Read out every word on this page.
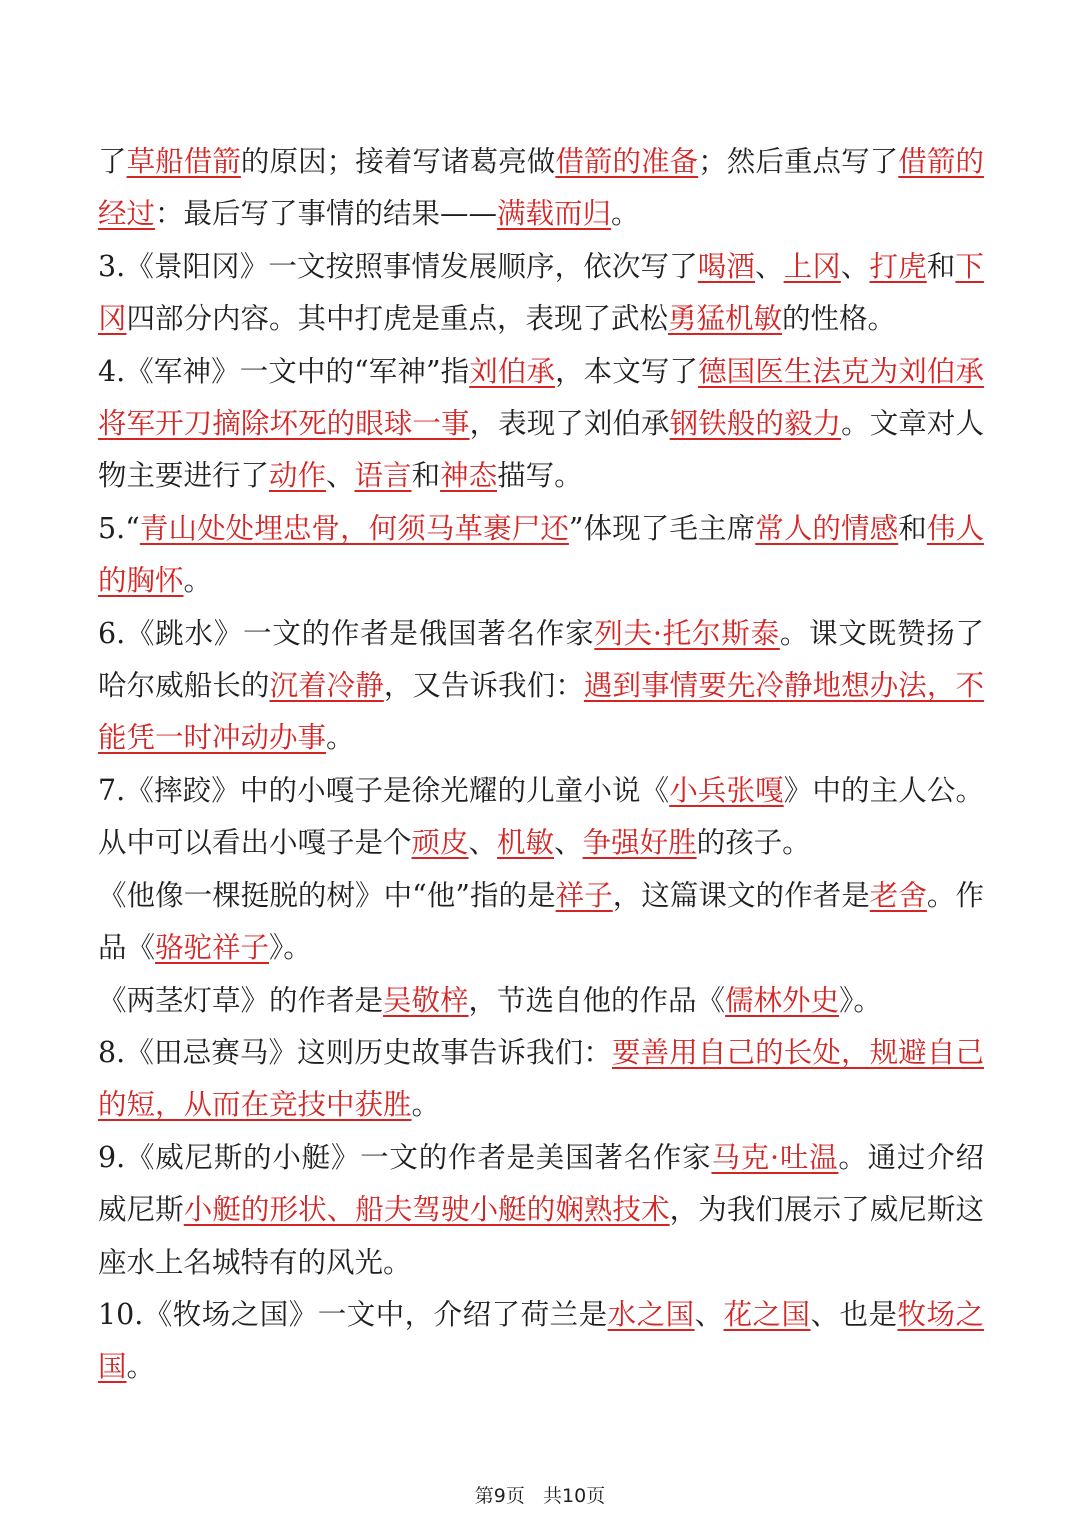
了草船借箭的原因；接着写诸葛亮做借箭的准备；然后重点写了借箭的经过：最后写了事情的结果——满载而归。

3.《景阳冈》一文按照事情发展顺序，依次写了喝酒、上冈、打虎和下冈四部分内容。其中打虎是重点，表现了武松勇猛机敏的性格。

4.《军神》一文中的“军神”指刘伯承，本文写了德国医生法克为刘伯承将军开刀摘除坏死的眼球一事，表现了刘伯承钢铁般的毅力。文章对人物主要进行了动作、语言和神态描写。

5.“青山处处埋忠骨，何须马革裹尸还”体现了毛主席常人的情感和伟人的胸怀。

6.《跳水》一文的作者是俄国著名作家列夫·托尔斯泰。课文既赞扬了哈尔威船长的沉着冷静，又告诉我们：遇到事情要先冷静地想办法，不能凭一时冲动办事。

7.《摔跤》中的小嘎子是徐光耀的儿童小说《小兵张嘎》中的主人公。从中可以看出小嘎子是个顽皮、机敏、争强好胜的孩子。

《他像一棵挺脱的树》中“他”指的是祥子，这篇课文的作者是老舍。作品《骆驼祥子》。

《两茎灯草》的作者是吴敬梓，节选自他的作品《儒林外史》。

8.《田忌赛马》这则历史故事告诉我们：要善用自己的长处，规避自己的短，从而在竞技中获胜。

9.《威尼斯的小艇》一文的作者是美国著名作家马克·吐温。通过介绍威尼斯小艇的形状、船夫驾驶小艇的娴熟技术，为我们展示了威尼斯这座水上名城特有的风光。

10.《牧场之国》一文中，介绍了荷兰是水之国、花之国、也是牧场之国。

第9页 共10页
